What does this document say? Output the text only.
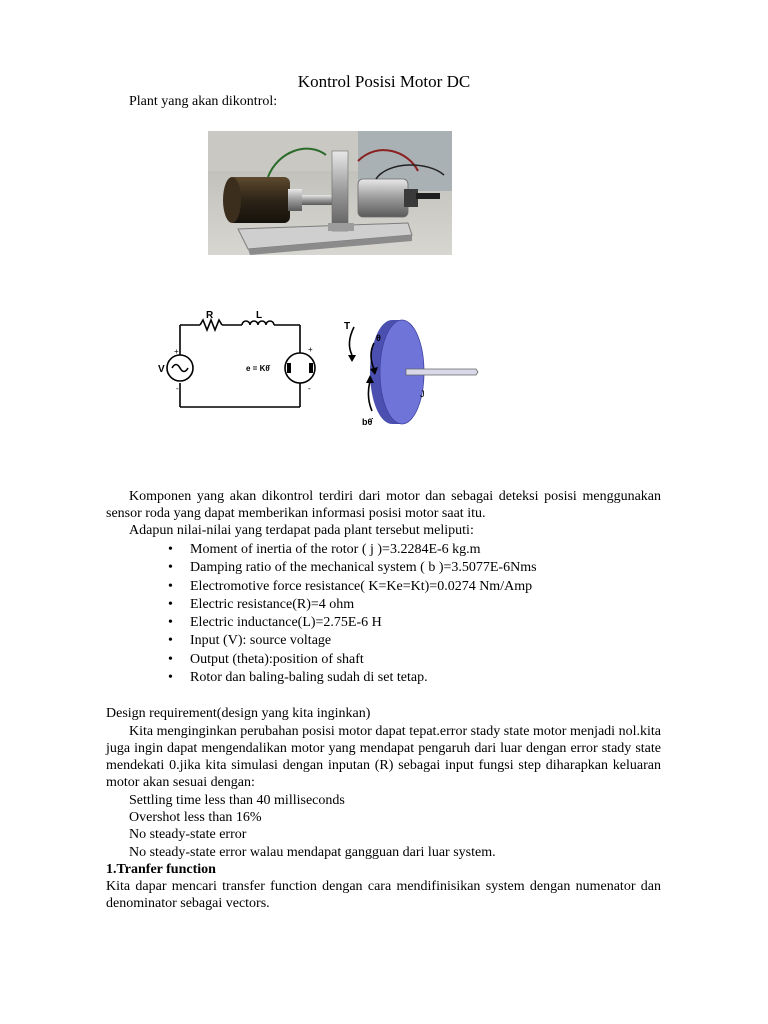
Kontrol Posisi Motor DC
Plant yang akan dikontrol:
R	L
V
+
-
e = Kθ̇
+
-
J
T
θ
bθ̇
Komponen yang akan dikontrol terdiri dari motor dan sebagai deteksi posisi menggunakan sensor roda yang dapat memberikan informasi posisi motor saat itu.
Adapun nilai-nilai yang terdapat pada plant tersebut meliputi:
• Moment of inertia of the rotor ( j )=3.2284E-6 kg.m
• Damping ratio of the mechanical system ( b )=3.5077E-6Nms
• Electromotive force resistance( K=Ke=Kt)=0.0274 Nm/Amp
• Electric resistance(R)=4 ohm
• Electric inductance(L)=2.75E-6 H
• Input (V): source voltage
• Output (theta):position of shaft
• Rotor dan baling-baling sudah di set tetap.
Design requirement(design yang kita inginkan)
Kita menginginkan perubahan posisi motor dapat tepat.error stady state motor menjadi nol.kita juga ingin dapat mengendalikan motor yang mendapat pengaruh dari luar dengan error stady state mendekati 0.jika kita simulasi dengan inputan (R) sebagai input fungsi step diharapkan keluaran motor akan sesuai dengan:
Settling time less than 40 milliseconds
Overshot less than 16%
No steady-state error
No steady-state error walau mendapat gangguan dari luar system.
1.Tranfer function
Kita dapar mencari transfer function dengan cara mendifinisikan system dengan numenator dan denominator sebagai vectors.
